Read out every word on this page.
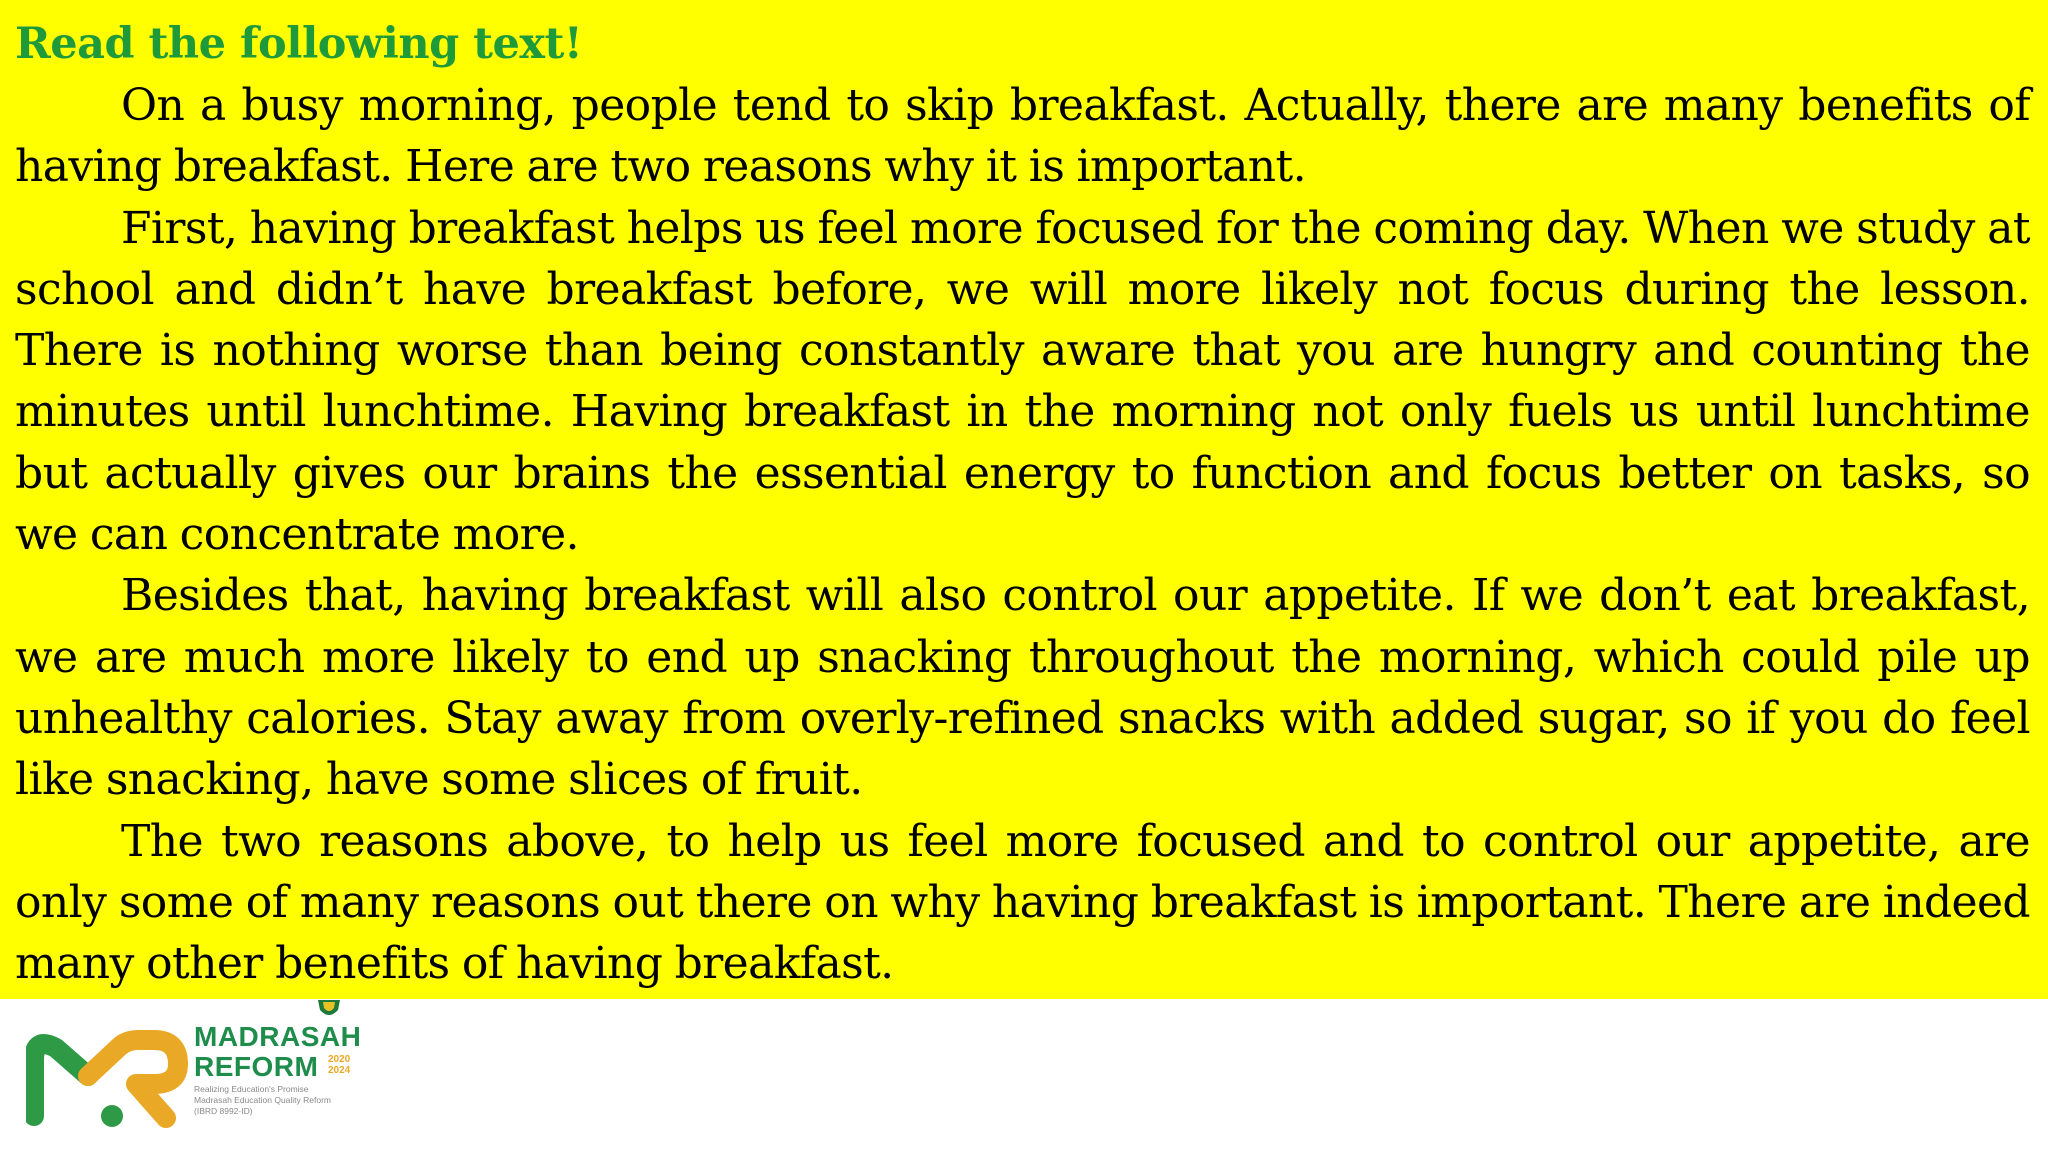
Read the following text!

On a busy morning, people tend to skip breakfast. Actually, there are many benefits of having breakfast. Here are two reasons why it is important.

First, having breakfast helps us feel more focused for the coming day. When we study at school and didn’t have breakfast before, we will more likely not focus during the lesson. There is nothing worse than being constantly aware that you are hungry and counting the minutes until lunchtime. Having breakfast in the morning not only fuels us until lunchtime but actually gives our brains the essential energy to function and focus better on tasks, so we can concentrate more.

Besides that, having breakfast will also control our appetite. If we don’t eat breakfast, we are much more likely to end up snacking throughout the morning, which could pile up unhealthy calories. Stay away from overly-refined snacks with added sugar, so if you do feel like snacking, have some slices of fruit.

The two reasons above, to help us feel more focused and to control our appetite, are only some of many reasons out there on why having breakfast is important. There are indeed many other benefits of having breakfast.

MADRASAH
REFORM 2020
2024
Realizing Education's Promise
Madrasah Education Quality Reform
(IBRD 8992-ID)
